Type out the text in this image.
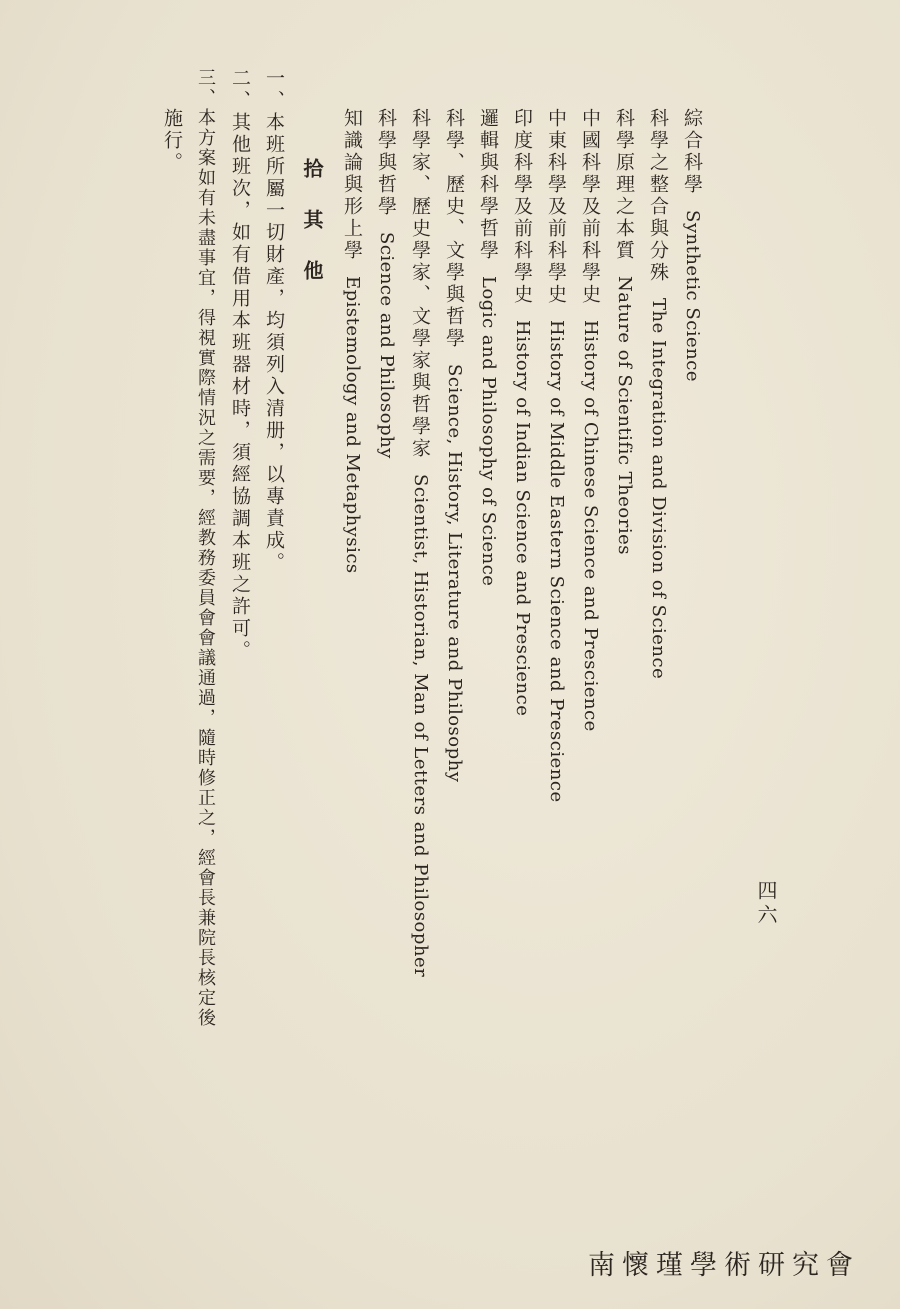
四六
綜合科學Synthetic Science
科學之整合與分殊The Integration and Division of Science
科學原理之本質Nature of Scientific Theories
中國科學及前科學史History of Chinese Science and Prescience
中東科學及前科學史History of Middle Eastern Science and Prescience
印度科學及前科學史History of Indian Science and Prescience
邏輯與科學哲學Logic and Philosophy of Science
科學、歷史、文學與哲學Science, History, Literature and Philosophy
科學家、歷史學家、文學家與哲學家Scientist, Historian, Man of Letters and Philosopher
科學與哲學Science and Philosophy
知識論與形上學Epistemology and Metaphysics
拾 其 他
一、本班所屬一切財產，均須列入清册，以專責成。
二、其他班次，如有借用本班器材時，須經協調本班之許可。
三、本方案如有未盡事宜，得視實際情況之需要，經教務委員會會議通過，隨時修正之，經會長兼院長核定後
施行。
南懷瑾學術研究會
